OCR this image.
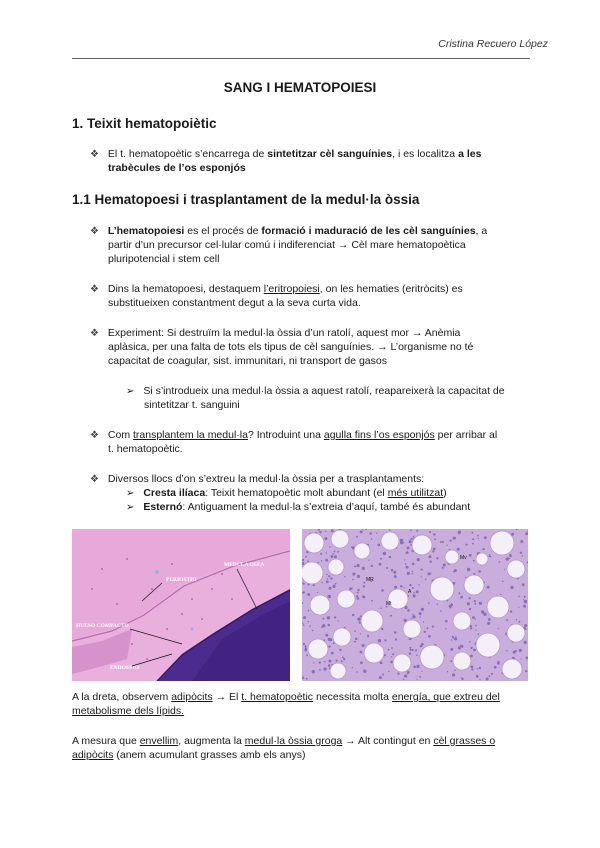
Cristina Recuero López
SANG I HEMATOPOIESI
1. Teixit hematopoiètic
❖ El t. hematopoètic s’encarrega de sintetitzar cèl sanguínies, i es localitza a les
trabècules de l’os esponjós
1.1 Hematopoesi i trasplantament de la medul·la òssia
❖ L’hematopoiesi es el procés de formació i maduració de les cèl sanguínies, a
partir d’un precursor cel·lular comú i indiferenciat → Cèl mare hematopoètica
pluripotencial i stem cell
❖ Dins la hematopoesi, destaquem l’eritropoiesi, on les hematies (eritròcits) es
substitueixen constantment degut a la seva curta vida.
❖ Experiment: Si destruïm la medul·la òssia d’un ratolí, aquest mor → Anèmia
aplàsica, per una falta de tots els tipus de cèl sanguínies. → L’organisme no té
capacitat de coagular, sist. immunitari, ni transport de gasos
➢ Si s’introdueix una medul·la òssia a aquest ratolí, reapareixerà la capacitat de
sintetitzar t. sanguini
❖ Com transplantem la medul·la? Introduint una agulla fins l’os esponjós per arribar al
t. hematopoètic.
❖ Diversos llocs d’on s’extreu la medul·la òssia per a trasplantaments:
➢ Cresta ilíaca: Teixit hematopoètic molt abundant (el més utilitzat)
➢ Esternó: Antiguament la medul·la s’extreia d’aquí, també és abundant
PERIOSTIO
MEDULA OSEA
HUESO COMPACTO
ENDOSTIO
Mv
MR
Mt
A
A la dreta, observem adipòcits → El t. hematopoètic necessita molta energía, que extreu del
metabolisme dels lípids.
A mesura que envellim, augmenta la medul·la òssia groga → Alt contingut en cèl grasses o
adipòcits (anem acumulant grasses amb els anys)
